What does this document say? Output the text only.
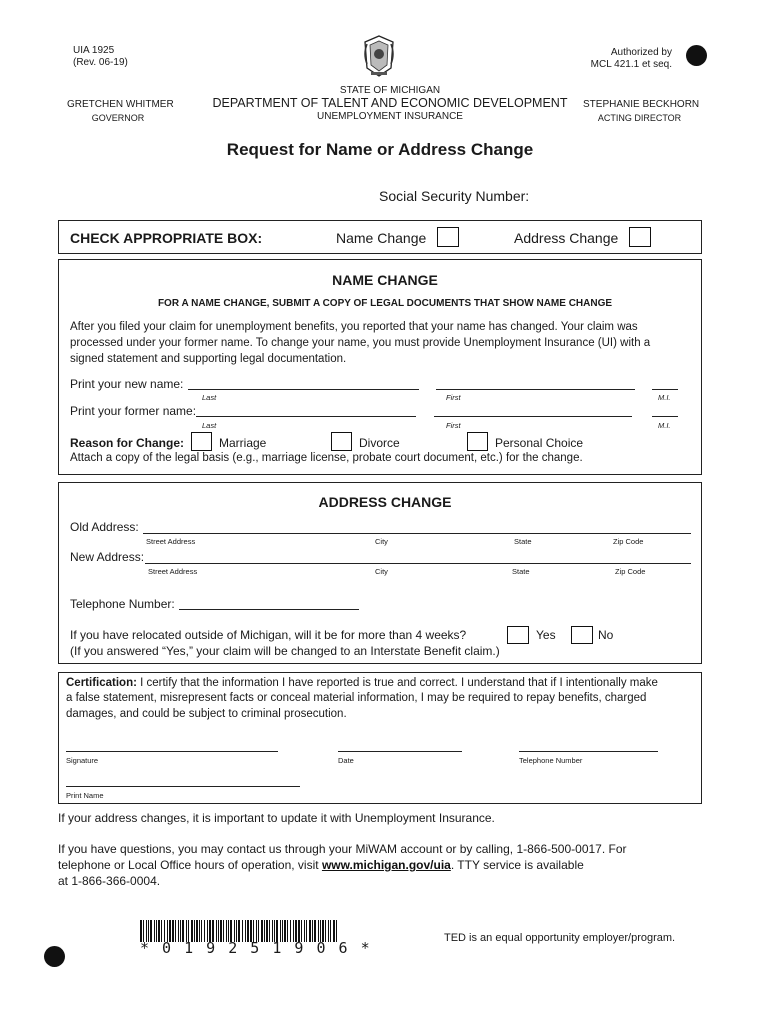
UIA 1925
(Rev. 06-19)
Authorized by
MCL 421.1 et seq.
STATE OF MICHIGAN
DEPARTMENT OF TALENT AND ECONOMIC DEVELOPMENT
UNEMPLOYMENT INSURANCE
GRETCHEN WHITMER
GOVERNOR
STEPHANIE BECKHORN
ACTING DIRECTOR
Request for Name or Address Change
Social Security Number:
CHECK APPROPRIATE BOX:	Name Change	Address Change
NAME CHANGE
FOR A NAME CHANGE, SUBMIT A COPY OF LEGAL DOCUMENTS THAT SHOW NAME CHANGE
After you filed your claim for unemployment benefits, you reported that your name has changed. Your claim was
processed under your former name. To change your name, you must provide Unemployment Insurance (UI) with a
signed statement and supporting legal documentation.
Print your new name:
Last	First	M.I.
Print your former name:
Last	First	M.I.
Reason for Change:	Marriage	Divorce	Personal Choice
Attach a copy of the legal basis (e.g., marriage license, probate court document, etc.) for the change.
ADDRESS CHANGE
Old Address:
Street Address	City	State	Zip Code
New Address:
Street Address	City	State	Zip Code
Telephone Number:
If you have relocated outside of Michigan, will it be for more than 4 weeks?	Yes	No
(If you answered “Yes,” your claim will be changed to an Interstate Benefit claim.)
Certification: I certify that the information I have reported is true and correct. I understand that if I intentionally make
a false statement, misrepresent facts or conceal material information, I may be required to repay benefits, charged
damages, and could be subject to criminal prosecution.
Signature	Date	Telephone Number
Print Name
If your address changes, it is important to update it with Unemployment Insurance.
If you have questions, you may contact us through your MiWAM account or by calling, 1-866-500-0017. For
telephone or Local Office hours of operation, visit www.michigan.gov/uia. TTY service is available
at 1-866-366-0004.
* 0 1 9 2 5 1 9 0 6 *
TED is an equal opportunity employer/program.
